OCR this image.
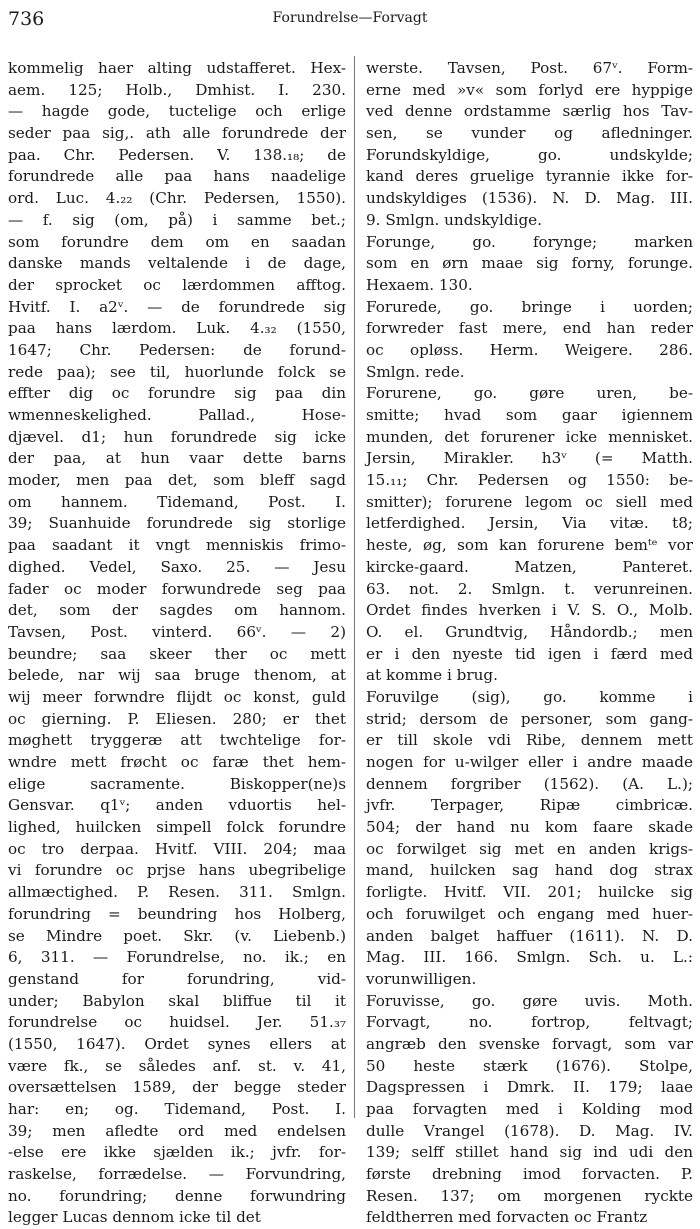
736	Forundrelse—Forvagt
kommelig haer alting udstafferet. Hex-
aem. 125; Holb., Dmhist. I. 230.
— hagde gode, tuctelige och erlige
seder paa sig,. ath alle forundrede der
paa. Chr. Pedersen. V. 138.₁₈; de
forundrede alle paa hans naadelige
ord. Luc. 4.₂₂ (Chr. Pedersen, 1550).
— f. sig (om, på) i samme bet.;
som forundre dem om en saadan
danske mands veltalende i de dage,
der sprocket oc lærdommen afftog.
Hvitf. I. a2ᵛ. — de forundrede sig
paa hans lærdom. Luk. 4.₃₂ (1550,
1647; Chr. Pedersen: de forund-
rede paa); see til, huorlunde folck se
effter dig oc forundre sig paa din
wmenneskelighed. Pallad., Hose-
djævel. d1; hun forundrede sig icke
der paa, at hun vaar dette barns
moder, men paa det, som bleff sagd
om hannem. Tidemand, Post. I.
39; Suanhuide forundrede sig storlige
paa saadant it vngt menniskis frimo-
dighed. Vedel, Saxo. 25. — Jesu
fader oc moder forwundrede seg paa
det, som der sagdes om hannom.
Tavsen, Post. vinterd. 66ᵛ. — 2)
beundre; saa skeer ther oc mett
belede, nar wij saa bruge thenom, at
wij meer forwndre flijdt oc konst, guld
oc gierning. P. Eliesen. 280; er thet
møghett tryggeræ att twchtelige for-
wndre mett frøcht oc faræ thet hem-
elige sacramente. Biskopper(ne)s
Gensvar. q1ᵛ; anden vduortis hel-
lighed, huilcken simpell folck forundre
oc tro derpaa. Hvitf. VIII. 204; maa
vi forundre oc prjse hans ubegribelige
allmæctighed. P. Resen. 311. Smlgn.
forundring = beundring hos Holberg,
se Mindre poet. Skr. (v. Liebenb.)
6, 311. — Forundrelse, no. ik.; en
genstand for forundring, vid-
under; Babylon skal bliffue til it
forundrelse oc huidsel. Jer. 51.₃₇
(1550, 1647). Ordet synes ellers at
være fk., se således anf. st. v. 41,
oversættelsen 1589, der begge steder
har: en; og. Tidemand, Post. I.
39; men afledte ord med endelsen
-else ere ikke sjælden ik.; jvfr. for-
raskelse, forrædelse. — Forvundring,
no. forundring; denne forwundring
legger Lucas dennom icke til det
werste. Tavsen, Post. 67ᵛ. Form-
erne med »v« som forlyd ere hyppige
ved denne ordstamme særlig hos Tav-
sen, se vunder og afledninger.
Forundskyldige, go. undskylde;
kand deres gruelige tyrannie ikke for-
undskyldiges (1536). N. D. Mag. III.
9. Smlgn. undskyldige.
Forunge, go. forynge; marken
som en ørn maae sig forny, forunge.
Hexaem. 130.
Forurede, go. bringe i uorden;
forwreder fast mere, end han reder
oc opløss. Herm. Weigere. 286.
Smlgn. rede.
Forurene, go. gøre uren, be-
smitte; hvad som gaar igiennem
munden, det forurener icke mennisket.
Jersin, Mirakler. h3ᵛ (= Matth.
15.₁₁; Chr. Pedersen og 1550: be-
smitter); forurene legom oc siell med
letferdighed. Jersin, Via vitæ. t8;
heste, øg, som kan forurene bemᵗᵉ vor
kircke-gaard. Matzen, Panteret.
63. not. 2. Smlgn. t. verunreinen.
Ordet findes hverken i V. S. O., Molb.
O. el. Grundtvig, Håndordb.; men
er i den nyeste tid igen i færd med
at komme i brug.
Foruvilge (sig), go. komme i
strid; dersom de personer, som gang-
er till skole vdi Ribe, dennem mett
nogen for u-wilger eller i andre maade
dennem forgriber (1562). (A. L.);
jvfr. Terpager, Ripæ cimbricæ.
504; der hand nu kom faare skade
oc forwilget sig met en anden krigs-
mand, huilcken sag hand dog strax
forligte. Hvitf. VII. 201; huilcke sig
och foruwilget och engang med huer-
anden balget haffuer (1611). N. D.
Mag. III. 166. Smlgn. Sch. u. L.:
vorunwilligen.
Foruvisse, go. gøre uvis. Moth.
Forvagt, no. fortrop, feltvagt;
angræb den svenske forvagt, som var
50 heste stærk (1676). Stolpe,
Dagspressen i Dmrk. II. 179; laae
paa forvagten med i Kolding mod
dulle Vrangel (1678). D. Mag. IV.
139; selff stillet hand sig ind udi den
første drebning imod forvacten. P.
Resen. 137; om morgenen ryckte
feldtherren med forvacten oc Frantz
